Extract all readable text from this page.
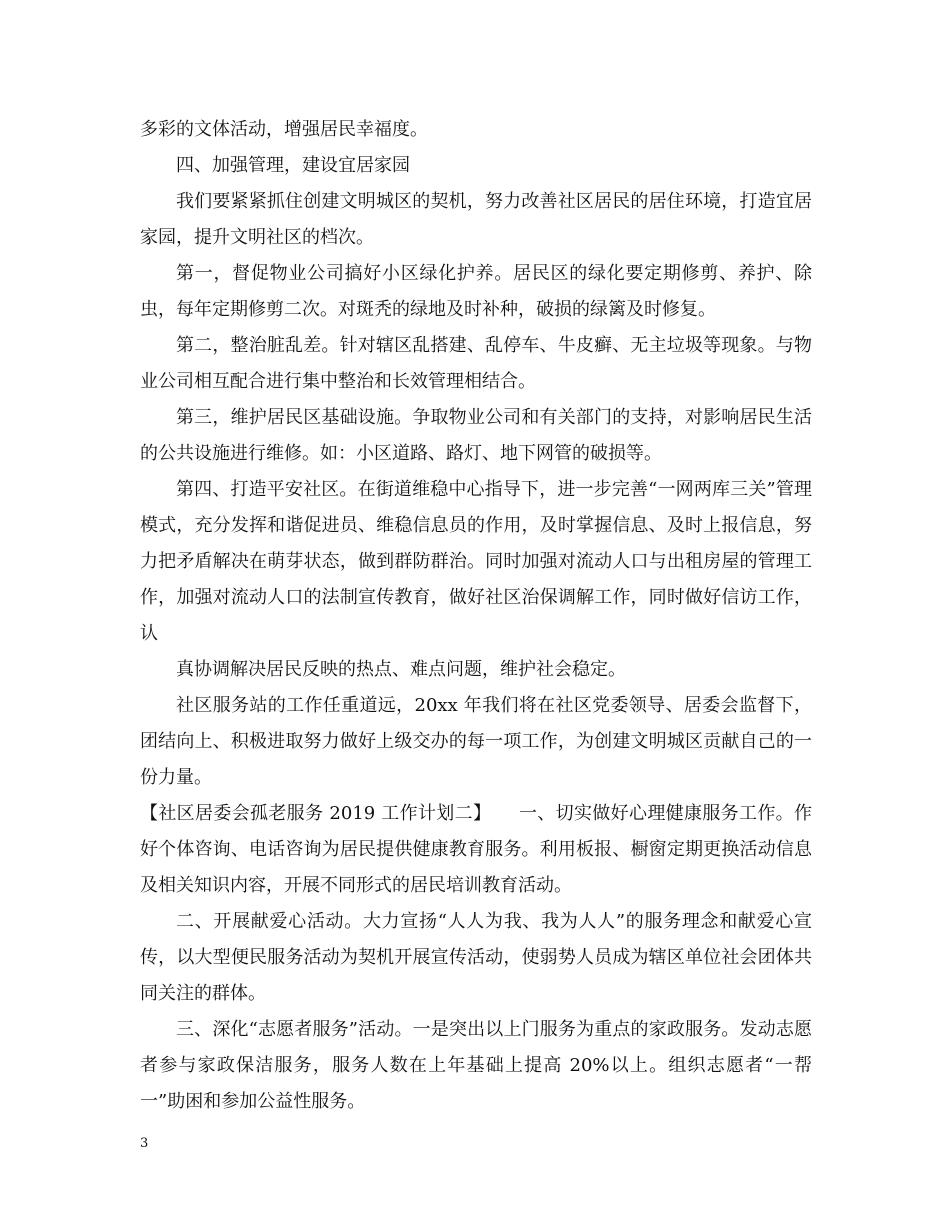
多彩的文体活动，增强居民幸福度。

四、加强管理，建设宜居家园

我们要紧紧抓住创建文明城区的契机，努力改善社区居民的居住环境，打造宜居家园，提升文明社区的档次。

第一，督促物业公司搞好小区绿化护养。居民区的绿化要定期修剪、养护、除虫，每年定期修剪二次。对斑秃的绿地及时补种，破损的绿篱及时修复。

第二，整治脏乱差。针对辖区乱搭建、乱停车、牛皮癣、无主垃圾等现象。与物业公司相互配合进行集中整治和长效管理相结合。

第三，维护居民区基础设施。争取物业公司和有关部门的支持，对影响居民生活的公共设施进行维修。如：小区道路、路灯、地下网管的破损等。

第四、打造平安社区。在街道维稳中心指导下，进一步完善“一网两库三关”管理模式，充分发挥和谐促进员、维稳信息员的作用，及时掌握信息、及时上报信息，努力把矛盾解决在萌芽状态，做到群防群治。同时加强对流动人口与出租房屋的管理工作，加强对流动人口的法制宣传教育，做好社区治保调解工作，同时做好信访工作，认

真协调解决居民反映的热点、难点问题，维护社会稳定。

社区服务站的工作任重道远，20xx 年我们将在社区党委领导、居委会监督下，团结向上、积极进取努力做好上级交办的每一项工作，为创建文明城区贡献自己的一份力量。

【社区居委会孤老服务 2019 工作计划二】　　一、切实做好心理健康服务工作。作好个体咨询、电话咨询为居民提供健康教育服务。利用板报、橱窗定期更换活动信息及相关知识内容，开展不同形式的居民培训教育活动。

二、开展献爱心活动。大力宣扬“人人为我、我为人人”的服务理念和献爱心宣传，以大型便民服务活动为契机开展宣传活动，使弱势人员成为辖区单位社会团体共同关注的群体。

三、深化“志愿者服务”活动。一是突出以上门服务为重点的家政服务。发动志愿者参与家政保洁服务，服务人数在上年基础上提高 20%以上。组织志愿者“一帮一”助困和参加公益性服务。

3
